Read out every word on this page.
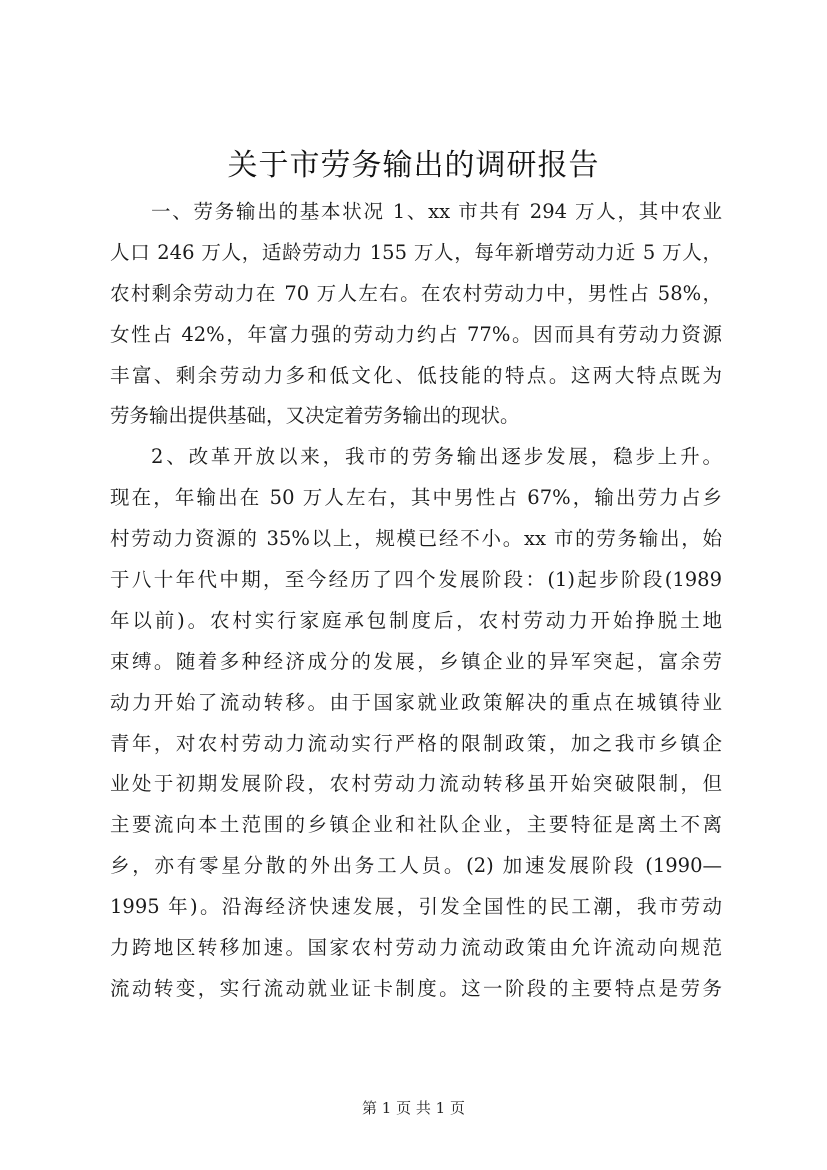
关于市劳务输出的调研报告
一、劳务输出的基本状况 1、xx 市共有 294 万人，其中农业
人口 246 万人，适龄劳动力 155 万人，每年新增劳动力近 5 万人，
农村剩余劳动力在 70 万人左右。在农村劳动力中，男性占 58%，
女性占 42%，年富力强的劳动力约占 77%。因而具有劳动力资源
丰富、剩余劳动力多和低文化、低技能的特点。这两大特点既为
劳务输出提供基础，又决定着劳务输出的现状。
2、改革开放以来，我市的劳务输出逐步发展，稳步上升。
现在，年输出在 50 万人左右，其中男性占 67%，输出劳力占乡
村劳动力资源的 35%以上，规模已经不小。xx 市的劳务输出，始
于八十年代中期，至今经历了四个发展阶段：(1)起步阶段(1989
年以前)。农村实行家庭承包制度后，农村劳动力开始挣脱土地
束缚。随着多种经济成分的发展，乡镇企业的异军突起，富余劳
动力开始了流动转移。由于国家就业政策解决的重点在城镇待业
青年，对农村劳动力流动实行严格的限制政策，加之我市乡镇企
业处于初期发展阶段，农村劳动力流动转移虽开始突破限制，但
主要流向本土范围的乡镇企业和社队企业，主要特征是离土不离
乡，亦有零星分散的外出务工人员。(2) 加速发展阶段 (1990—
1995 年)。沿海经济快速发展，引发全国性的民工潮，我市劳动
力跨地区转移加速。国家农村劳动力流动政策由允许流动向规范
流动转变，实行流动就业证卡制度。这一阶段的主要特点是劳务
第 1 页 共 1 页
